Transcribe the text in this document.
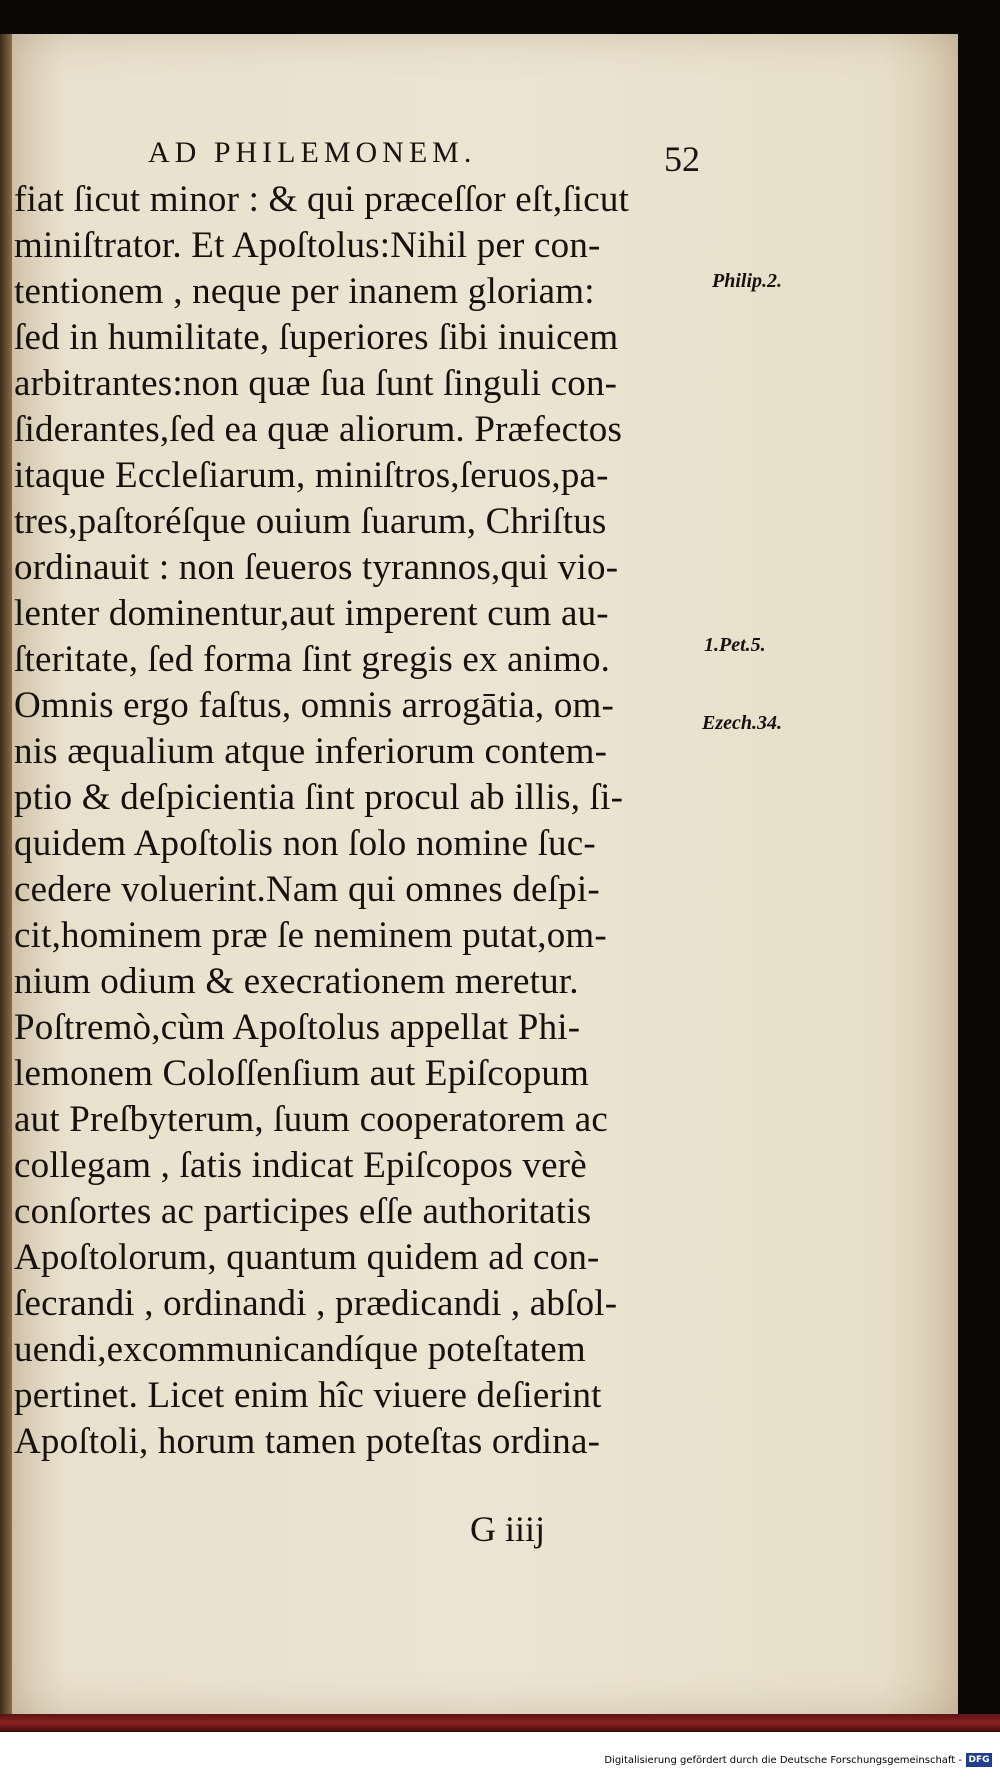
AD PHILEMONEM.	52
fiat ſicut minor : & qui præceſſor eſt,ſicut
miniſtrator. Et Apoſtolus:Nihil per con-
tentionem , neque per inanem gloriam:
ſed in humilitate, ſuperiores ſibi inuicem
arbitrantes:non quæ ſua ſunt ſinguli con-
ſiderantes,ſed ea quæ aliorum. Præfectos
itaque Eccleſiarum, miniſtros,ſeruos,pa-
tres,paſtoréſque ouium ſuarum, Chriſtus
ordinauit : non ſeueros tyrannos,qui vio-
lenter dominentur,aut imperent cum au-
ſteritate, ſed forma ſint gregis ex animo.
Omnis ergo faſtus, omnis arrogātia, om-
nis æqualium atque inferiorum contem-
ptio & deſpicientia ſint procul ab illis, ſi-
quidem Apoſtolis non ſolo nomine ſuc-
cedere voluerint.Nam qui omnes deſpi-
cit,hominem præ ſe neminem putat,om-
nium odium & execrationem meretur.
Poſtremò,cùm Apoſtolus appellat Phi-
lemonem Coloſſenſium aut Epiſcopum
aut Preſbyterum, ſuum cooperatorem ac
collegam , ſatis indicat Epiſcopos verè
conſortes ac participes eſſe authoritatis
Apoſtolorum, quantum quidem ad con-
ſecrandi , ordinandi , prædicandi , abſol-
uendi,excommunicandíque poteſtatem
pertinet. Licet enim hîc viuere deſierint
Apoſtoli, horum tamen poteſtas ordina-
Philip.2.
1.Pet.5.
Ezech.34.
G iiij
Digitalisierung gefördert durch die Deutsche Forschungsgemeinschaft - DFG
